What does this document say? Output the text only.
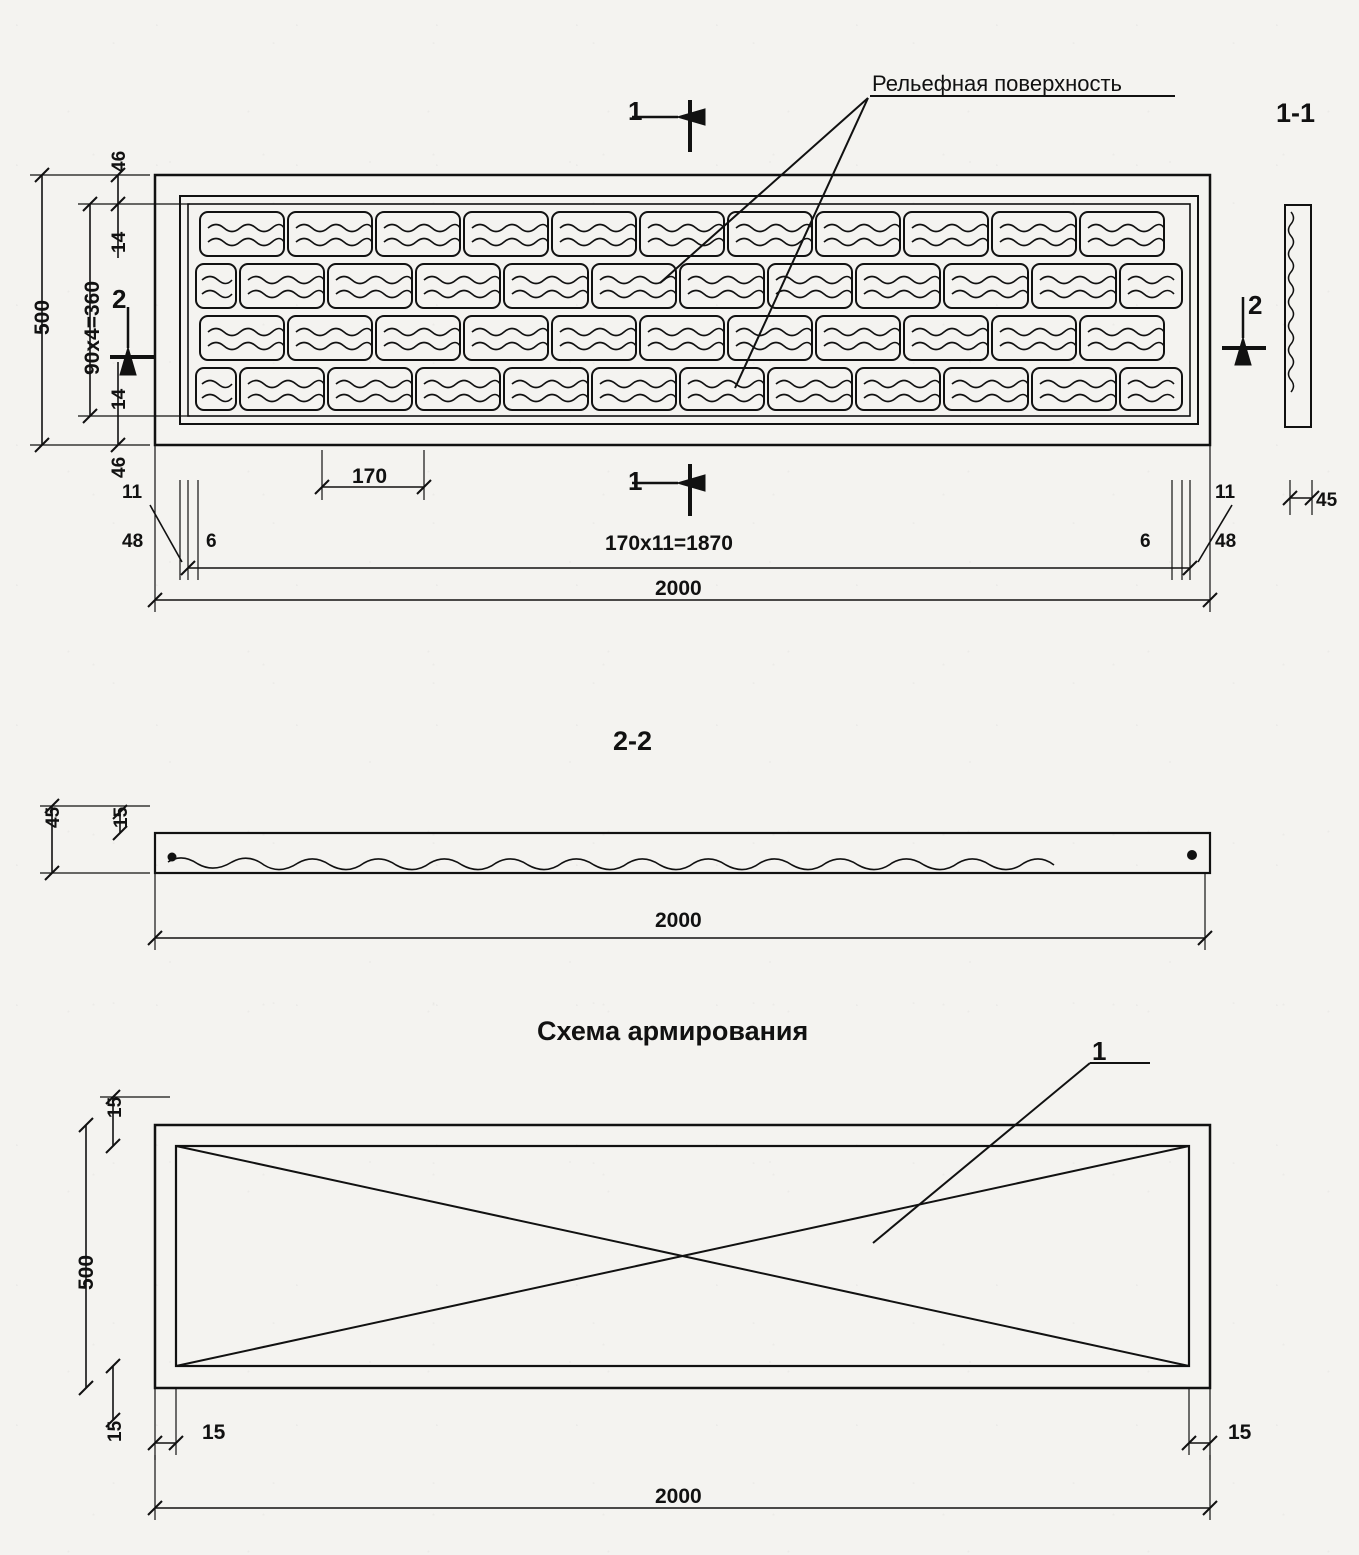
Рельефная поверхность
1-1
1
1
2	2
500 90x4=360
46
14
14
46	170
170x11=1870
2000
11
48	6	6
11
48
45
2-2
45 15
2000
Схема армирования
1
15
15
500
15	15
2000
